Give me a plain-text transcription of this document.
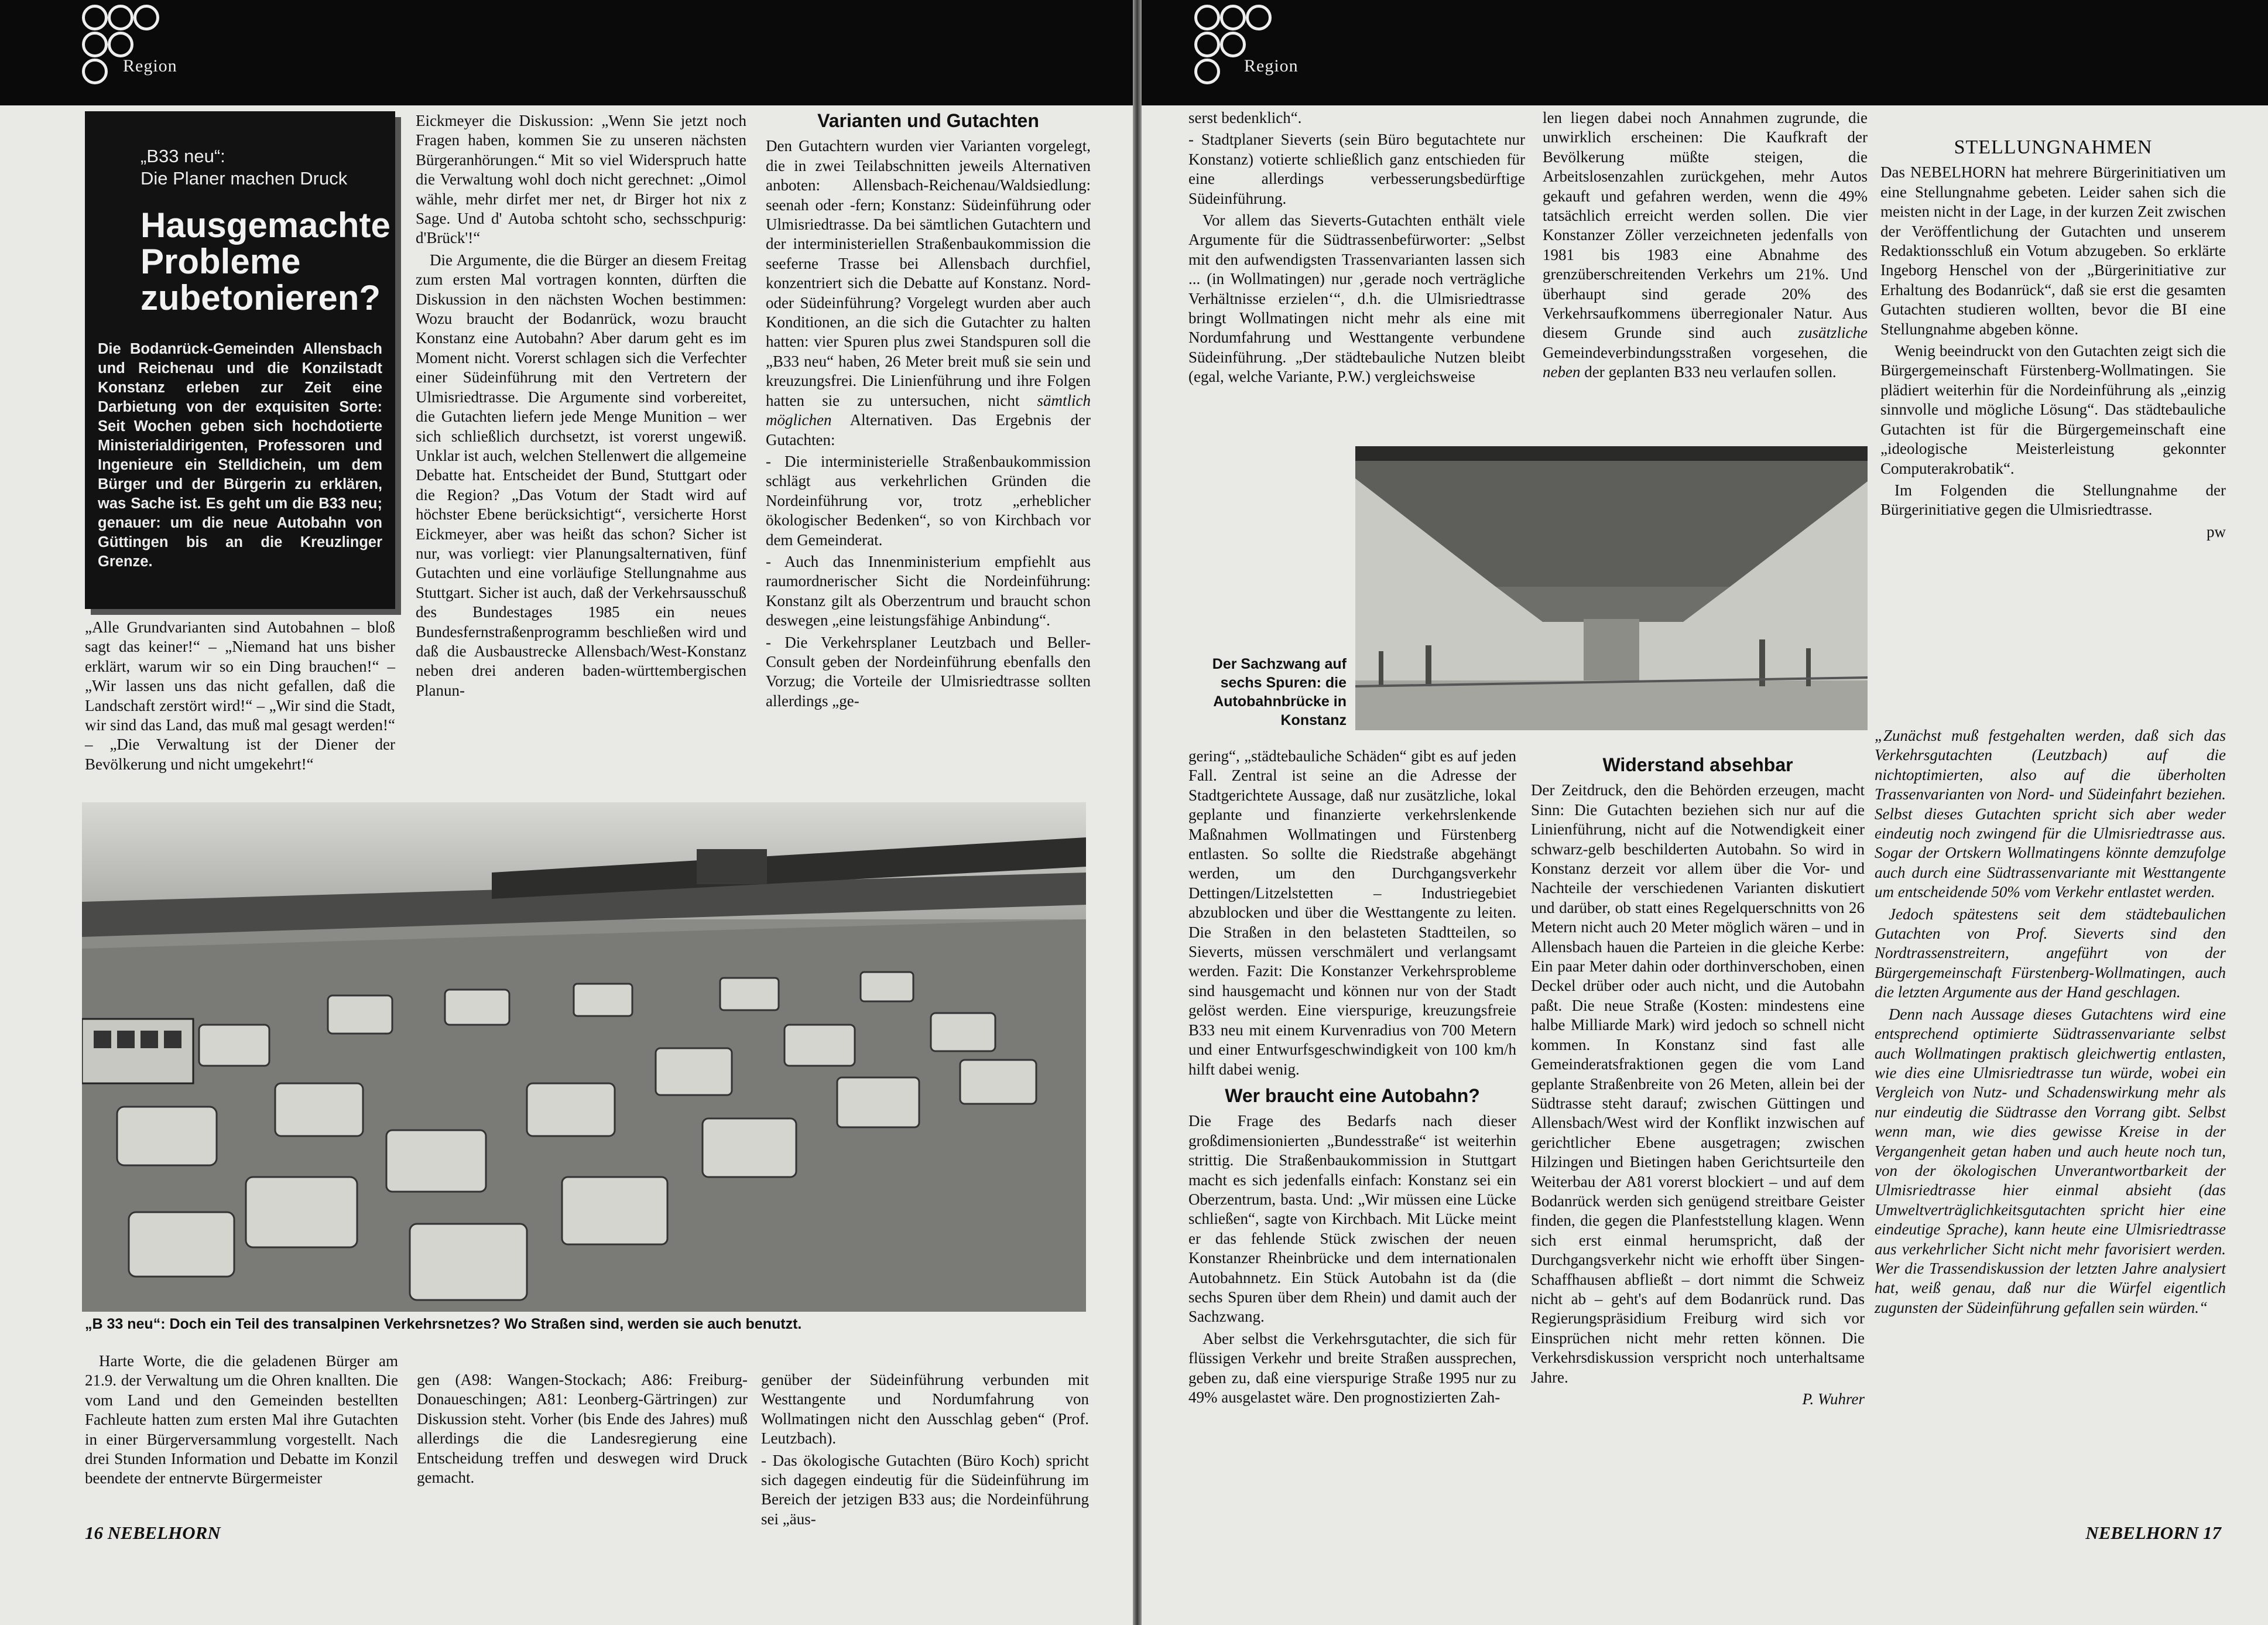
Region
„B33 neu“:
Die Planer machen Druck
Hausgemachte
Probleme
zubetonieren?
Die Bodanrück-Gemeinden Allensbach und Reichenau und die Konzilstadt Konstanz erleben zur Zeit eine Darbietung von der exquisiten Sorte: Seit Wochen geben sich hochdotierte Ministerialdirigenten, Professoren und Ingenieure ein Stelldichein, um dem Bürger und der Bürgerin zu erklären, was Sache ist. Es geht um die B33 neu; genauer: um die neue Autobahn von Güttingen bis an die Kreuzlinger Grenze.

„Alle Grundvarianten sind Autobahnen – bloß sagt das keiner!“ – „Niemand hat uns bisher erklärt, warum wir so ein Ding brauchen!“ – „Wir lassen uns das nicht gefallen, daß die Landschaft zerstört wird!“ – „Wir sind die Stadt, wir sind das Land, das muß mal gesagt werden!“ – „Die Verwaltung ist der Diener der Bevölkerung und nicht umgekehrt!“

Eickmeyer die Diskussion: „Wenn Sie jetzt noch Fragen haben, kommen Sie zu unseren nächsten Bürgeranhörungen.“ Mit so viel Widerspruch hatte die Verwaltung wohl doch nicht gerechnet: „Oimol wähle, mehr dirfet mer net, dr Birger hot nix z Sage. Und d' Autoba schtoht scho, sechsschpurig: d'Brück'!“

Die Argumente, die die Bürger an diesem Freitag zum ersten Mal vortragen konnten, dürften die Diskussion in den nächsten Wochen bestimmen: Wozu braucht der Bodanrück, wozu braucht Konstanz eine Autobahn? Aber darum geht es im Moment nicht. Vorerst schlagen sich die Verfechter einer Südeinführung mit den Vertretern der Ulmisriedtrasse. Die Argumente sind vorbereitet, die Gutachten liefern jede Menge Munition – wer sich schließlich durchsetzt, ist vorerst ungewiß. Unklar ist auch, welchen Stellenwert die allgemeine Debatte hat. Entscheidet der Bund, Stuttgart oder die Region? „Das Votum der Stadt wird auf höchster Ebene berücksichtigt“, versicherte Horst Eickmeyer, aber was heißt das schon? Sicher ist nur, was vorliegt: vier Planungsalternativen, fünf Gutachten und eine vorläufige Stellungnahme aus Stuttgart. Sicher ist auch, daß der Verkehrsausschuß des Bundestages 1985 ein neues Bundesfernstraßenprogramm beschließen wird und daß die Ausbaustrecke Allensbach/West-Konstanz neben drei anderen baden-württembergischen Planun-

Varianten und Gutachten

Den Gutachtern wurden vier Varianten vorgelegt, die in zwei Teilabschnitten jeweils Alternativen anboten: Allensbach-Reichenau/Waldsiedlung: seenah oder -fern; Konstanz: Südeinführung oder Ulmisriedtrasse. Da bei sämtlichen Gutachtern und der interministeriellen Straßenbaukommission die seeferne Trasse bei Allensbach durchfiel, konzentriert sich die Debatte auf Konstanz. Nord- oder Südeinführung? Vorgelegt wurden aber auch Konditionen, an die sich die Gutachter zu halten hatten: vier Spuren plus zwei Standspuren soll die „B33 neu“ haben, 26 Meter breit muß sie sein und kreuzungsfrei. Die Linienführung und ihre Folgen hatten sie zu untersuchen, nicht sämtlich möglichen Alternativen. Das Ergebnis der Gutachten:

- Die interministerielle Straßenbaukommission schlägt aus verkehrlichen Gründen die Nordeinführung vor, trotz „erheblicher ökologischer Bedenken“, so von Kirchbach vor dem Gemeinderat.

- Auch das Innenministerium empfiehlt aus raumordnerischer Sicht die Nordeinführung: Konstanz gilt als Oberzentrum und braucht schon deswegen „eine leistungsfähige Anbindung“.

- Die Verkehrsplaner Leutzbach und Beller-Consult geben der Nordeinführung ebenfalls den Vorzug; die Vorteile der Ulmisriedtrasse sollten allerdings „ge-

„B 33 neu“: Doch ein Teil des transalpinen Verkehrsnetzes? Wo Straßen sind, werden sie auch benutzt.

Harte Worte, die die geladenen Bürger am 21.9. der Verwaltung um die Ohren knallten. Die vom Land und den Gemeinden bestellten Fachleute hatten zum ersten Mal ihre Gutachten in einer Bürgerversammlung vorgestellt. Nach drei Stunden Information und Debatte im Konzil beendete der entnervte Bürgermeister

gen (A98: Wangen-Stockach; A86: Freiburg-Donaueschingen; A81: Leonberg-Gärtringen) zur Diskussion steht. Vorher (bis Ende des Jahres) muß allerdings die die Landesregierung eine Entscheidung treffen und deswegen wird Druck gemacht.

genüber der Südeinführung verbunden mit Westtangente und Nordumfahrung von Wollmatingen nicht den Ausschlag geben“ (Prof. Leutzbach).

- Das ökologische Gutachten (Büro Koch) spricht sich dagegen eindeutig für die Südeinführung im Bereich der jetzigen B33 aus; die Nordeinführung sei „äus-

16 NEBELHORN
Region

serst bedenklich“.

- Stadtplaner Sieverts (sein Büro begutachtete nur Konstanz) votierte schließlich ganz entschieden für eine allerdings verbesserungsbedürftige Südeinführung.

Vor allem das Sieverts-Gutachten enthält viele Argumente für die Südtrassenbefürworter: „Selbst mit den aufwendigsten Trassenvarianten lassen sich ... (in Wollmatingen) nur ‚gerade noch verträgliche Verhältnisse erzielen‘“, d.h. die Ulmisriedtrasse bringt Wollmatingen nicht mehr als eine mit Nordumfahrung und Westtangente verbundene Südeinführung. „Der städtebauliche Nutzen bleibt (egal, welche Variante, P.W.) vergleichsweise

len liegen dabei noch Annahmen zugrunde, die unwirklich erscheinen: Die Kaufkraft der Bevölkerung müßte steigen, die Arbeitslosenzahlen zurückgehen, mehr Autos gekauft und gefahren werden, wenn die 49% tatsächlich erreicht werden sollen. Die vier Konstanzer Zöller verzeichneten jedenfalls von 1981 bis 1983 eine Abnahme des grenzüberschreitenden Verkehrs um 21%. Und überhaupt sind gerade 20% des Verkehrsaufkommens überregionaler Natur. Aus diesem Grunde sind auch zusätzliche Gemeindeverbindungsstraßen vorgesehen, die neben der geplanten B33 neu verlaufen sollen.

STELLUNGNAHMEN

Das NEBELHORN hat mehrere Bürgerinitiativen um eine Stellungnahme gebeten. Leider sahen sich die meisten nicht in der Lage, in der kurzen Zeit zwischen der Veröffentlichung der Gutachten und unserem Redaktionsschluß ein Votum abzugeben. So erklärte Ingeborg Henschel von der „Bürgerinitiative zur Erhaltung des Bodanrück“, daß sie erst die gesamten Gutachten studieren wollten, bevor die BI eine Stellungnahme abgeben könne.

Wenig beeindruckt von den Gutachten zeigt sich die Bürgergemeinschaft Fürstenberg-Wollmatingen. Sie plädiert weiterhin für die Nordeinführung als „einzig sinnvolle und mögliche Lösung“. Das städtebauliche Gutachten ist für die Bürgergemeinschaft eine „ideologische Meisterleistung gekonnter Computerakrobatik“.

Im Folgenden die Stellungnahme der Bürgerinitiative gegen die Ulmisriedtrasse.

pw

Der Sachzwang auf sechs Spuren: die Autobahnbrücke in Konstanz

gering“, „städtebauliche Schäden“ gibt es auf jeden Fall. Zentral ist seine an die Adresse der Stadtgerichtete Aussage, daß nur zusätzliche, lokal geplante und finanzierte verkehrslenkende Maßnahmen Wollmatingen und Fürstenberg entlasten. So sollte die Riedstraße abgehängt werden, um den Durchgangsverkehr Dettingen/Litzelstetten – Industriegebiet abzublocken und über die Westtangente zu leiten. Die Straßen in den belasteten Stadtteilen, so Sieverts, müssen verschmälert und verlangsamt werden. Fazit: Die Konstanzer Verkehrsprobleme sind hausgemacht und können nur von der Stadt gelöst werden. Eine vierspurige, kreuzungsfreie B33 neu mit einem Kurvenradius von 700 Metern und einer Entwurfsgeschwindigkeit von 100 km/h hilft dabei wenig.

Wer braucht eine Autobahn?

Die Frage des Bedarfs nach dieser großdimensionierten „Bundesstraße“ ist weiterhin strittig. Die Straßenbaukommission in Stuttgart macht es sich jedenfalls einfach: Konstanz sei ein Oberzentrum, basta. Und: „Wir müssen eine Lücke schließen“, sagte von Kirchbach. Mit Lücke meint er das fehlende Stück zwischen der neuen Konstanzer Rheinbrücke und dem internationalen Autobahnnetz. Ein Stück Autobahn ist da (die sechs Spuren über dem Rhein) und damit auch der Sachzwang.

Aber selbst die Verkehrsgutachter, die sich für flüssigen Verkehr und breite Straßen aussprechen, geben zu, daß eine vierspurige Straße 1995 nur zu 49% ausgelastet wäre. Den prognostizierten Zah-

Widerstand absehbar

Der Zeitdruck, den die Behörden erzeugen, macht Sinn: Die Gutachten beziehen sich nur auf die Linienführung, nicht auf die Notwendigkeit einer schwarz-gelb beschilderten Autobahn. So wird in Konstanz derzeit vor allem über die Vor- und Nachteile der verschiedenen Varianten diskutiert und darüber, ob statt eines Regelquerschnitts von 26 Metern nicht auch 20 Meter möglich wären – und in Allensbach hauen die Parteien in die gleiche Kerbe: Ein paar Meter dahin oder dorthinverschoben, einen Deckel drüber oder auch nicht, und die Autobahn paßt. Die neue Straße (Kosten: mindestens eine halbe Milliarde Mark) wird jedoch so schnell nicht kommen. In Konstanz sind fast alle Gemeinderatsfraktionen gegen die vom Land geplante Straßenbreite von 26 Meten, allein bei der Südtrasse steht darauf; zwischen Güttingen und Allensbach/West wird der Konflikt inzwischen auf gerichtlicher Ebene ausgetragen; zwischen Hilzingen und Bietingen haben Gerichtsurteile den Weiterbau der A81 vorerst blockiert – und auf dem Bodanrück werden sich genügend streitbare Geister finden, die gegen die Planfeststellung klagen. Wenn sich erst einmal herumspricht, daß der Durchgangsverkehr nicht wie erhofft über Singen-Schaffhausen abfließt – dort nimmt die Schweiz nicht ab – geht's auf dem Bodanrück rund. Das Regierungspräsidium Freiburg wird sich vor Einsprüchen nicht mehr retten können. Die Verkehrsdiskussion verspricht noch unterhaltsame Jahre.

P. Wuhrer

„Zunächst muß festgehalten werden, daß sich das Verkehrsgutachten (Leutzbach) auf die nichtoptimierten, also auf die überholten Trassenvarianten von Nord- und Südeinfahrt beziehen. Selbst dieses Gutachten spricht sich aber weder eindeutig noch zwingend für die Ulmisriedtrasse aus. Sogar der Ortskern Wollmatingens könnte demzufolge auch durch eine Südtrassenvariante mit Westtangente um entscheidende 50% vom Verkehr entlastet werden.

Jedoch spätestens seit dem städtebaulichen Gutachten von Prof. Sieverts sind den Nordtrassenstreitern, angeführt von der Bürgergemeinschaft Fürstenberg-Wollmatingen, auch die letzten Argumente aus der Hand geschlagen.

Denn nach Aussage dieses Gutachtens wird eine entsprechend optimierte Südtrassenvariante selbst auch Wollmatingen praktisch gleichwertig entlasten, wie dies eine Ulmisriedtrasse tun würde, wobei ein Vergleich von Nutz- und Schadenswirkung mehr als nur eindeutig die Südtrasse den Vorrang gibt. Selbst wenn man, wie dies gewisse Kreise in der Vergangenheit getan haben und auch heute noch tun, von der ökologischen Unverantwortbarkeit der Ulmisriedtrasse hier einmal absieht (das Umweltverträglichkeitsgutachten spricht hier eine eindeutige Sprache), kann heute eine Ulmisriedtrasse aus verkehrlicher Sicht nicht mehr favorisiert werden. Wer die Trassendiskussion der letzten Jahre analysiert hat, weiß genau, daß nur die Würfel eigentlich zugunsten der Südeinführung gefallen sein würden.“

NEBELHORN 17
